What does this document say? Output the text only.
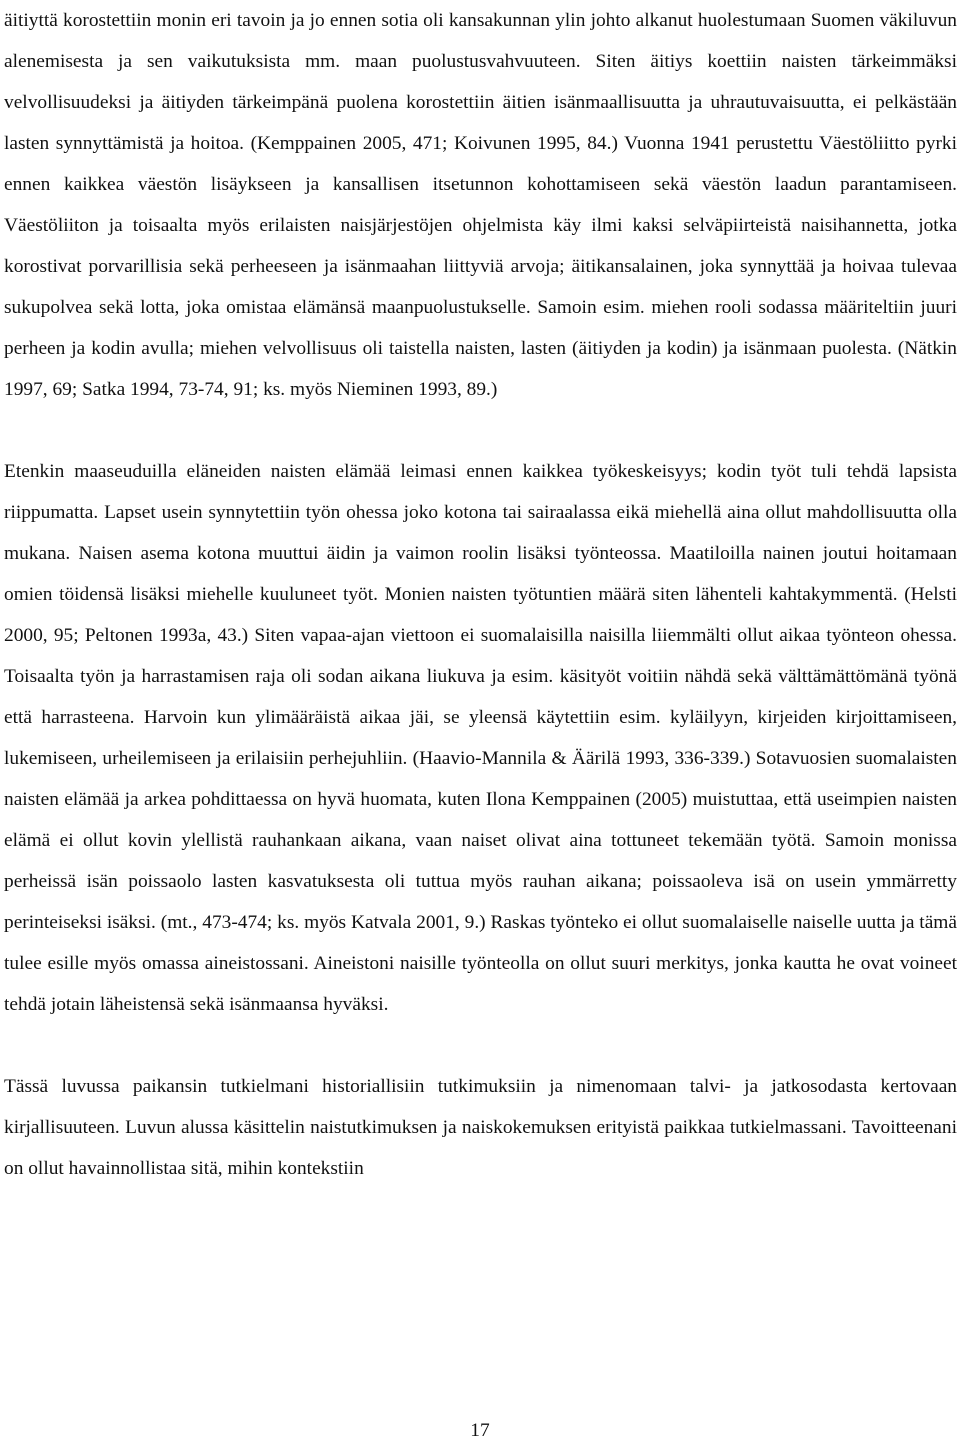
äitiyttä korostettiin monin eri tavoin ja jo ennen sotia oli kansakunnan ylin johto alkanut huolestumaan Suomen väkiluvun alenemisesta ja sen vaikutuksista mm. maan puolustusvahvuuteen. Siten äitiys koettiin naisten tärkeimmäksi velvollisuudeksi ja äitiyden tärkeimpänä puolena korostettiin äitien isänmaallisuutta ja uhrautuvaisuutta, ei pelkästään lasten synnyttämistä ja hoitoa. (Kemppainen 2005, 471; Koivunen 1995, 84.) Vuonna 1941 perustettu Väestöliitto pyrki ennen kaikkea väestön lisäykseen ja kansallisen itsetunnon kohottamiseen sekä väestön laadun parantamiseen. Väestöliiton ja toisaalta myös erilaisten naisjärjestöjen ohjelmista käy ilmi kaksi selväpiirteistä naisihannetta, jotka korostivat porvarillisia sekä perheeseen ja isänmaahan liittyviä arvoja; äitikansalainen, joka synnyttää ja hoivaa tulevaa sukupolvea sekä lotta, joka omistaa elämänsä maanpuolustukselle. Samoin esim. miehen rooli sodassa määriteltiin juuri perheen ja kodin avulla; miehen velvollisuus oli taistella naisten, lasten (äitiyden ja kodin) ja isänmaan puolesta. (Nätkin 1997, 69; Satka 1994, 73-74, 91; ks. myös Nieminen 1993, 89.)

Etenkin maaseuduilla eläneiden naisten elämää leimasi ennen kaikkea työkeskeisyys; kodin työt tuli tehdä lapsista riippumatta. Lapset usein synnytettiin työn ohessa joko kotona tai sairaalassa eikä miehellä aina ollut mahdollisuutta olla mukana. Naisen asema kotona muuttui äidin ja vaimon roolin lisäksi työnteossa. Maatiloilla nainen joutui hoitamaan omien töidensä lisäksi miehelle kuuluneet työt. Monien naisten työtuntien määrä siten lähenteli kahtakymmentä. (Helsti 2000, 95; Peltonen 1993a, 43.) Siten vapaa-ajan viettoon ei suomalaisilla naisilla liiemmälti ollut aikaa työnteon ohessa. Toisaalta työn ja harrastamisen raja oli sodan aikana liukuva ja esim. käsityöt voitiin nähdä sekä välttämättömänä työnä että harrasteena. Harvoin kun ylimääräistä aikaa jäi, se yleensä käytettiin esim. kyläilyyn, kirjeiden kirjoittamiseen, lukemiseen, urheilemiseen ja erilaisiin perhejuhliin. (Haavio-Mannila & Äärilä 1993, 336-339.) Sotavuosien suomalaisten naisten elämää ja arkea pohdittaessa on hyvä huomata, kuten Ilona Kemppainen (2005) muistuttaa, että useimpien naisten elämä ei ollut kovin ylellistä rauhankaan aikana, vaan naiset olivat aina tottuneet tekemään työtä. Samoin monissa perheissä isän poissaolo lasten kasvatuksesta oli tuttua myös rauhan aikana; poissaoleva isä on usein ymmärretty perinteiseksi isäksi. (mt., 473-474; ks. myös Katvala 2001, 9.) Raskas työnteko ei ollut suomalaiselle naiselle uutta ja tämä tulee esille myös omassa aineistossani. Aineistoni naisille työnteolla on ollut suuri merkitys, jonka kautta he ovat voineet tehdä jotain läheistensä sekä isänmaansa hyväksi.

Tässä luvussa paikansin tutkielmani historiallisiin tutkimuksiin ja nimenomaan talvi- ja jatkosodasta kertovaan kirjallisuuteen. Luvun alussa käsittelin naistutkimuksen ja naiskokemuksen erityistä paikkaa tutkielmassani. Tavoitteenani on ollut havainnollistaa sitä, mihin kontekstiin

17
